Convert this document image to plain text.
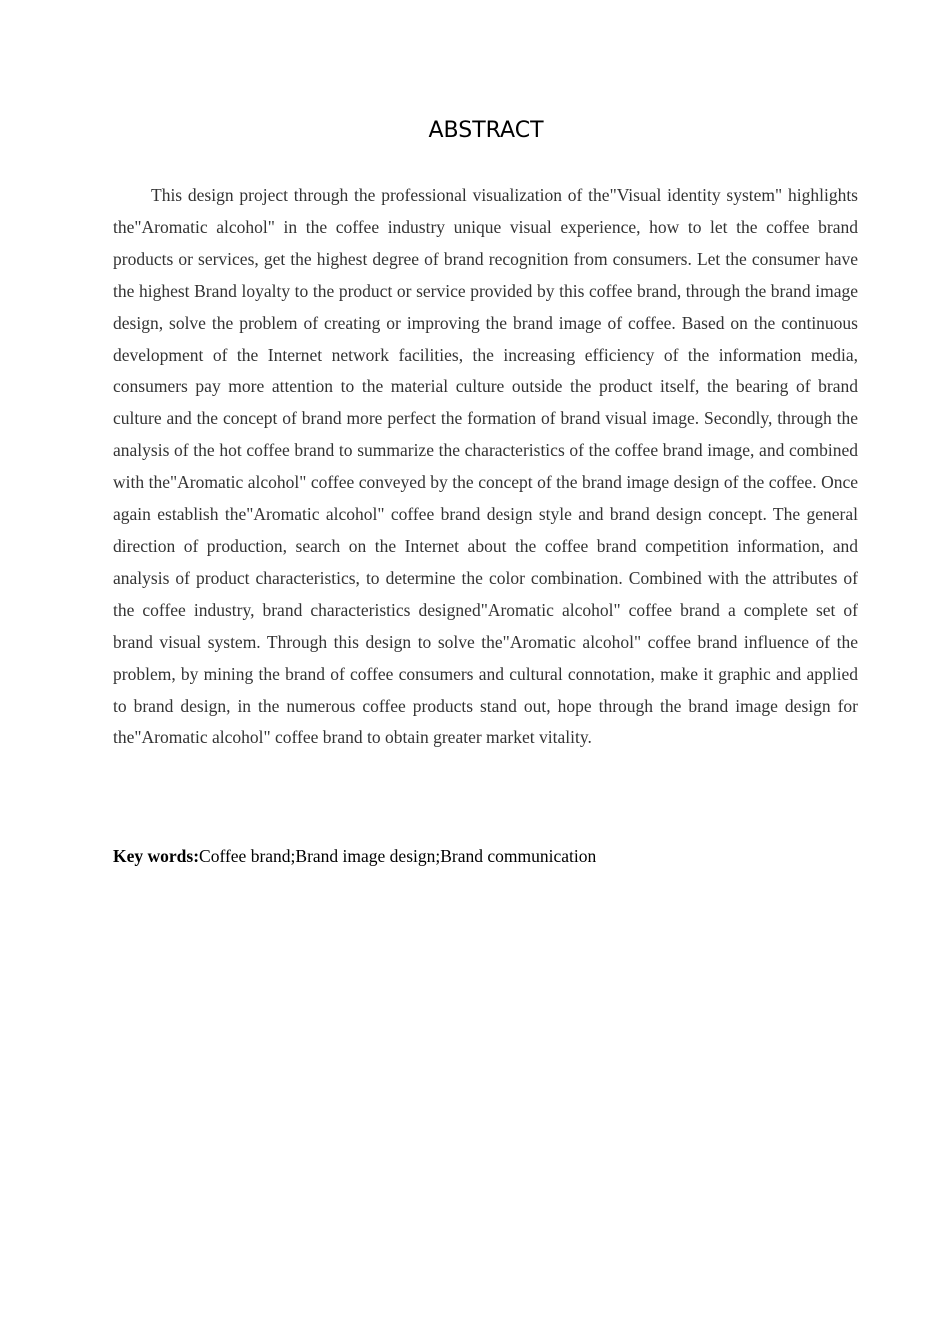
ABSTRACT

This design project through the professional visualization of the"Visual identity system" highlights the"Aromatic alcohol" in the coffee industry unique visual experience, how to let the coffee brand products or services, get the highest degree of brand recognition from consumers. Let the consumer have the highest Brand loyalty to the product or service provided by this coffee brand, through the brand image design, solve the problem of creating or improving the brand image of coffee. Based on the continuous development of the Internet network facilities, the increasing efficiency of the information media, consumers pay more attention to the material culture outside the product itself, the bearing of brand culture and the concept of brand more perfect the formation of brand visual image. Secondly, through the analysis of the hot coffee brand to summarize the characteristics of the coffee brand image, and combined with the"Aromatic alcohol" coffee conveyed by the concept of the brand image design of the coffee. Once again establish the"Aromatic alcohol" coffee brand design style and brand design concept. The general direction of production, search on the Internet about the coffee brand competition information, and analysis of product characteristics, to determine the color combination. Combined with the attributes of the coffee industry, brand characteristics designed"Aromatic alcohol" coffee brand a complete set of brand visual system. Through this design to solve the"Aromatic alcohol" coffee brand influence of the problem, by mining the brand of coffee consumers and cultural connotation, make it graphic and applied to brand design, in the numerous coffee products stand out, hope through the brand image design for the"Aromatic alcohol" coffee brand to obtain greater market vitality.

Key words:Coffee brand;Brand image design;Brand communication
